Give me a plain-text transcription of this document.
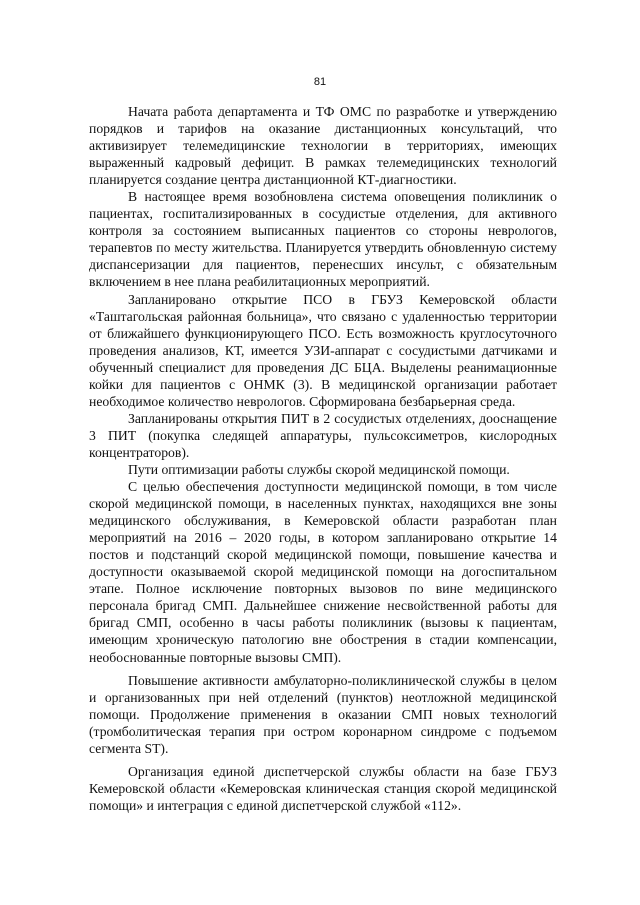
81

Начата работа департамента и ТФ ОМС по разработке и утверждению порядков и тарифов на оказание дистанционных консультаций, что активизирует телемедицинские технологии в территориях, имеющих выраженный кадровый дефицит. В рамках телемедицинских технологий планируется создание центра дистанционной КТ-диагностики.

В настоящее время возобновлена система оповещения поликлиник о пациентах, госпитализированных в сосудистые отделения, для активного контроля за состоянием выписанных пациентов со стороны неврологов, терапевтов по месту жительства. Планируется утвердить обновленную систему диспансеризации для пациентов, перенесших инсульт, с обязательным включением в нее плана реабилитационных мероприятий.

Запланировано открытие ПСО в ГБУЗ Кемеровской области «Таштагольская районная больница», что связано с удаленностью территории от ближайшего функционирующего ПСО. Есть возможность круглосуточного проведения анализов, КТ, имеется УЗИ-аппарат с сосудистыми датчиками и обученный специалист для проведения ДС БЦА. Выделены реанимационные койки для пациентов с ОНМК (3). В медицинской организации работает необходимое количество неврологов. Сформирована безбарьерная среда.

Запланированы открытия ПИТ в 2 сосудистых отделениях, дооснащение 3 ПИТ (покупка следящей аппаратуры, пульсоксиметров, кислородных концентраторов).

Пути оптимизации работы службы скорой медицинской помощи.

С целью обеспечения доступности медицинской помощи, в том числе скорой медицинской помощи, в населенных пунктах, находящихся вне зоны медицинского обслуживания, в Кемеровской области разработан план мероприятий на 2016 – 2020 годы, в котором запланировано открытие 14 постов и подстанций скорой медицинской помощи, повышение качества и доступности оказываемой скорой медицинской помощи на догоспитальном этапе. Полное исключение повторных вызовов по вине медицинского персонала бригад СМП. Дальнейшее снижение несвойственной работы для бригад СМП, особенно в часы работы поликлиник (вызовы к пациентам, имеющим хроническую патологию вне обострения в стадии компенсации, необоснованные повторные вызовы СМП).

Повышение активности амбулаторно-поликлинической службы в целом и организованных при ней отделений (пунктов) неотложной медицинской помощи. Продолжение применения в оказании СМП новых технологий (тромболитическая терапия при остром коронарном синдроме с подъемом сегмента ST).

Организация единой диспетчерской службы области на базе ГБУЗ Кемеровской области «Кемеровская клиническая станция скорой медицинской помощи» и интеграция с единой диспетчерской службой «112».
